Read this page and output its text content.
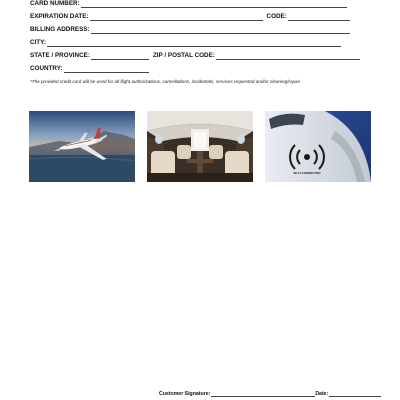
CARD NUMBER:
EXPIRATION DATE:	CODE:
BILLING ADDRESS:
CITY:
STATE / PROVINCE:	ZIP / POSTAL CODE:
COUNTRY:
*The provided credit card will be used for all flight authorizations, cancellations, incidentals, services requested and/or cleaning/repair
WI-FI CONNECTED
Customer Signature:	Date:
